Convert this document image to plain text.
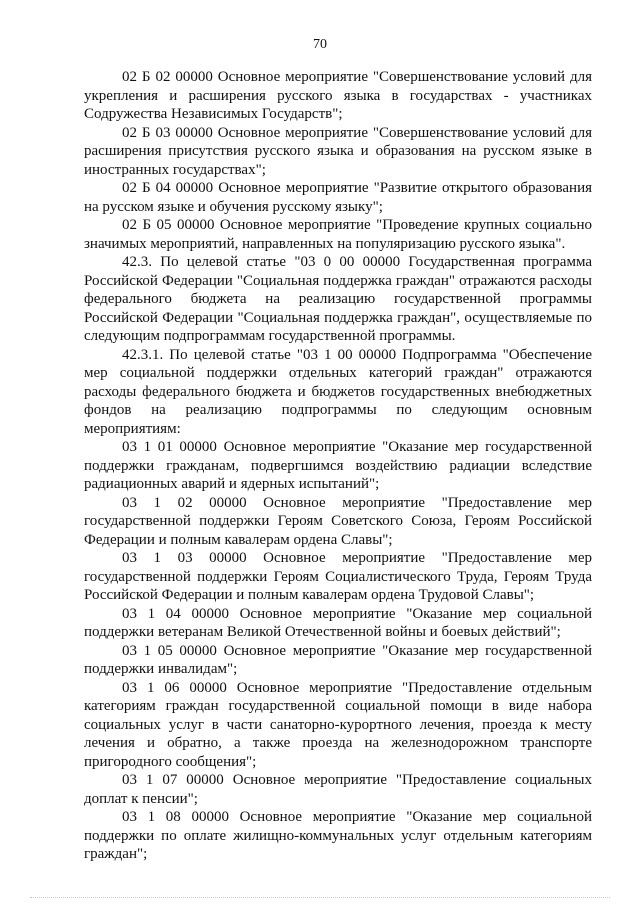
70

02 Б 02 00000 Основное мероприятие "Совершенствование условий для укрепления и расширения русского языка в государствах - участниках Содружества Независимых Государств";

02 Б 03 00000 Основное мероприятие "Совершенствование условий для расширения присутствия русского языка и образования на русском языке в иностранных государствах";

02 Б 04 00000 Основное мероприятие "Развитие открытого образования на русском языке и обучения русскому языку";

02 Б 05 00000 Основное мероприятие "Проведение крупных социально значимых мероприятий, направленных на популяризацию русского языка".

42.3. По целевой статье "03 0 00 00000 Государственная программа Российской Федерации "Социальная поддержка граждан" отражаются расходы федерального бюджета на реализацию государственной программы Российской Федерации "Социальная поддержка граждан", осуществляемые по следующим подпрограммам государственной программы.

42.3.1. По целевой статье "03 1 00 00000 Подпрограмма "Обеспечение мер социальной поддержки отдельных категорий граждан" отражаются расходы федерального бюджета и бюджетов государственных внебюджетных фондов на реализацию подпрограммы по следующим основным мероприятиям:

03 1 01 00000 Основное мероприятие "Оказание мер государственной поддержки гражданам, подвергшимся воздействию радиации вследствие радиационных аварий и ядерных испытаний";

03 1 02 00000 Основное мероприятие "Предоставление мер государственной поддержки Героям Советского Союза, Героям Российской Федерации и полным кавалерам ордена Славы";

03 1 03 00000 Основное мероприятие "Предоставление мер государственной поддержки Героям Социалистического Труда, Героям Труда Российской Федерации и полным кавалерам ордена Трудовой Славы";

03 1 04 00000 Основное мероприятие "Оказание мер социальной поддержки ветеранам Великой Отечественной войны и боевых действий";

03 1 05 00000 Основное мероприятие "Оказание мер государственной поддержки инвалидам";

03 1 06 00000 Основное мероприятие "Предоставление отдельным категориям граждан государственной социальной помощи в виде набора социальных услуг в части санаторно-курортного лечения, проезда к месту лечения и обратно, а также проезда на железнодорожном транспорте пригородного сообщения";

03 1 07 00000 Основное мероприятие "Предоставление социальных доплат к пенсии";

03 1 08 00000 Основное мероприятие "Оказание мер социальной поддержки по оплате жилищно-коммунальных услуг отдельным категориям граждан";
